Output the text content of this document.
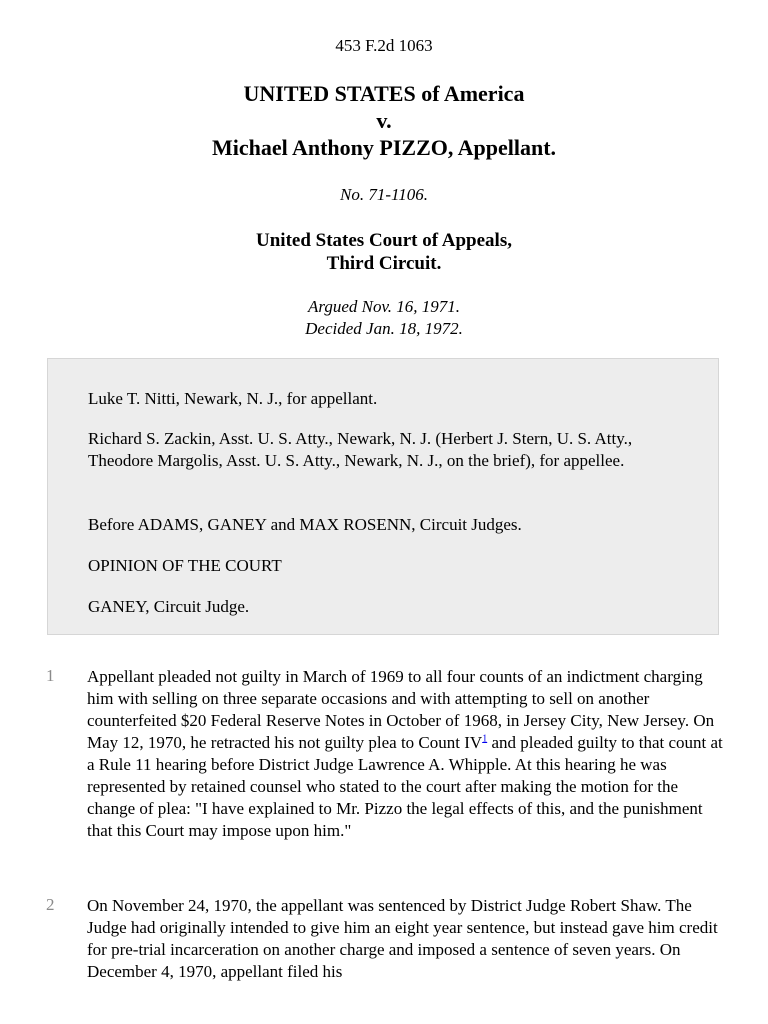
453 F.2d 1063
UNITED STATES of America
v.
Michael Anthony PIZZO, Appellant.
No. 71-1106.
United States Court of Appeals,
Third Circuit.
Argued Nov. 16, 1971.
Decided Jan. 18, 1972.

Luke T. Nitti, Newark, N. J., for appellant.

Richard S. Zackin, Asst. U. S. Atty., Newark, N. J. (Herbert J. Stern, U. S. Atty., Theodore Margolis, Asst. U. S. Atty., Newark, N. J., on the brief), for appellee.

Before ADAMS, GANEY and MAX ROSENN, Circuit Judges.

OPINION OF THE COURT

GANEY, Circuit Judge.

1 Appellant pleaded not guilty in March of 1969 to all four counts of an indictment charging him with selling on three separate occasions and with attempting to sell on another counterfeited $20 Federal Reserve Notes in October of 1968, in Jersey City, New Jersey. On May 12, 1970, he retracted his not guilty plea to Count IV$^1$ and pleaded guilty to that count at a Rule 11 hearing before District Judge Lawrence A. Whipple. At this hearing he was represented by retained counsel who stated to the court after making the motion for the change of plea: "I have explained to Mr. Pizzo the legal effects of this, and the punishment that this Court may impose upon him."

2 On November 24, 1970, the appellant was sentenced by District Judge Robert Shaw. The Judge had originally intended to give him an eight year sentence, but instead gave him credit for pre-trial incarceration on another charge and imposed a sentence of seven years. On December 4, 1970, appellant filed his
